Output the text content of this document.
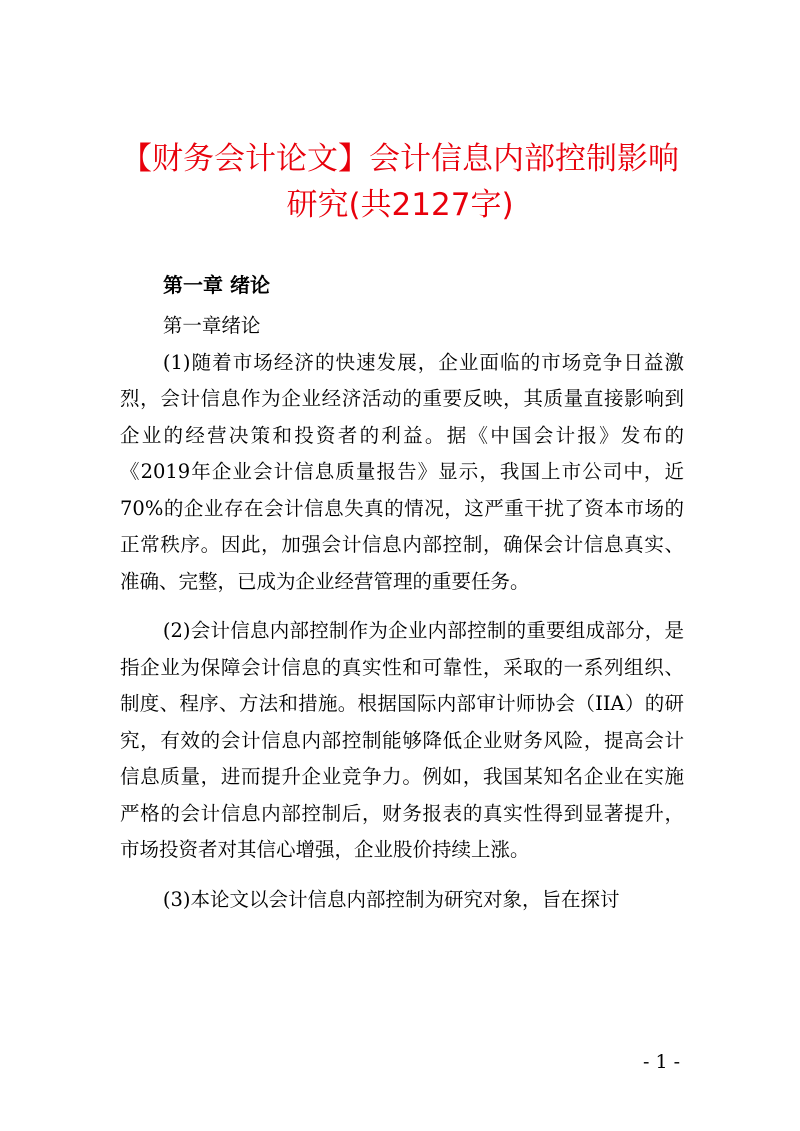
【财务会计论文】会计信息内部控制影响研究(共2127字)
第一章 绪论

第一章绪论

(1)随着市场经济的快速发展，企业面临的市场竞争日益激烈，会计信息作为企业经济活动的重要反映，其质量直接影响到企业的经营决策和投资者的利益。据《中国会计报》发布的《2019年企业会计信息质量报告》显示，我国上市公司中，近70%的企业存在会计信息失真的情况，这严重干扰了资本市场的正常秩序。因此，加强会计信息内部控制，确保会计信息真实、准确、完整，已成为企业经营管理的重要任务。

(2)会计信息内部控制作为企业内部控制的重要组成部分，是指企业为保障会计信息的真实性和可靠性，采取的一系列组织、制度、程序、方法和措施。根据国际内部审计师协会（IIA）的研究，有效的会计信息内部控制能够降低企业财务风险，提高会计信息质量，进而提升企业竞争力。例如，我国某知名企业在实施严格的会计信息内部控制后，财务报表的真实性得到显著提升，市场投资者对其信心增强，企业股价持续上涨。

(3)本论文以会计信息内部控制为研究对象，旨在探讨

- 1 -
